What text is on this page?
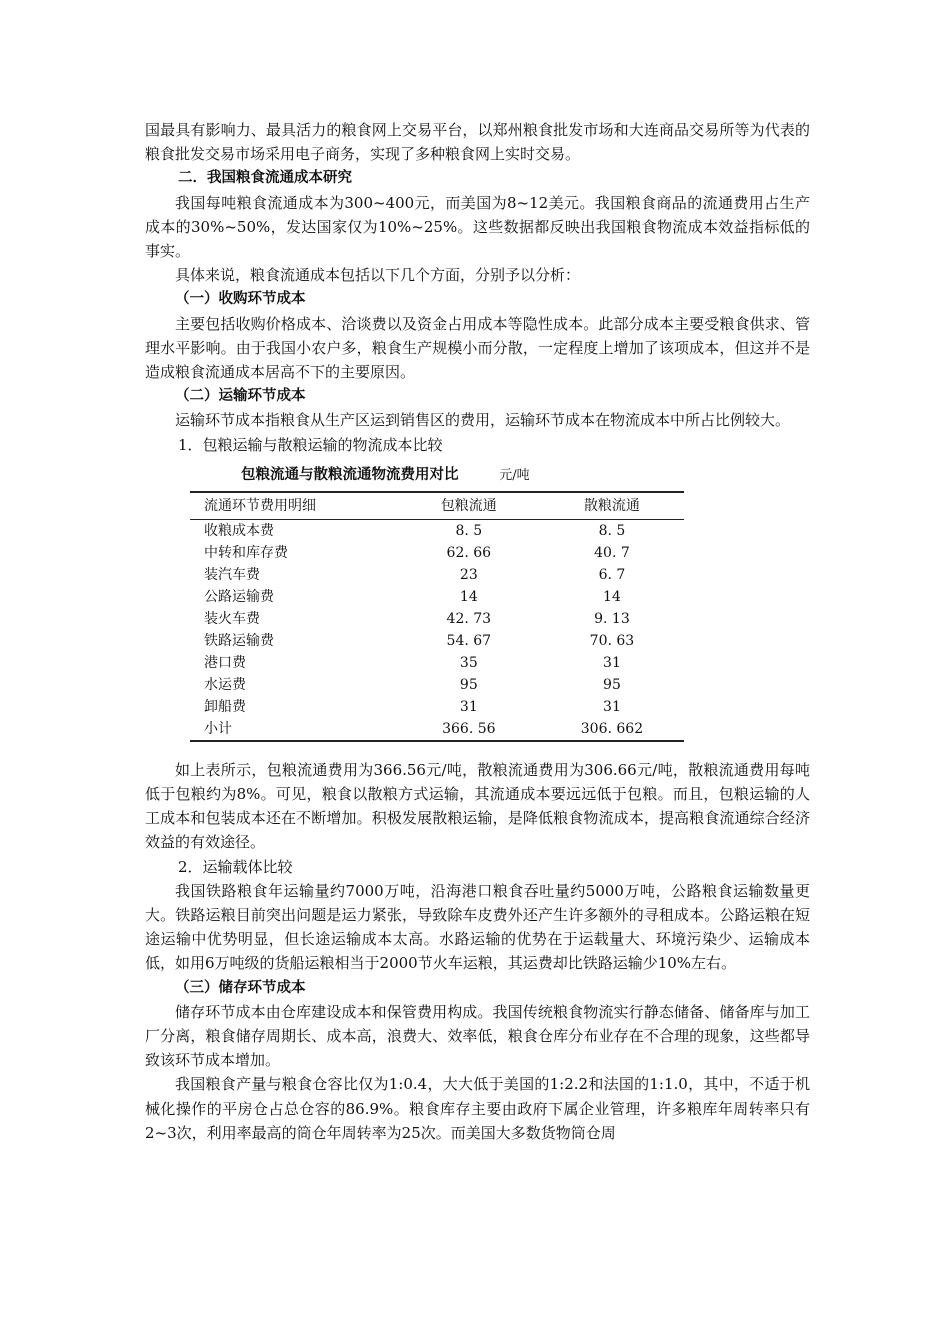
国最具有影响力、最具活力的粮食网上交易平台，以郑州粮食批发市场和大连商品交易所等为代表的粮食批发交易市场采用电子商务，实现了多种粮食网上实时交易。

二．我国粮食流通成本研究

我国每吨粮食流通成本为300~400元，而美国为8~12美元。我国粮食商品的流通费用占生产成本的30%~50%，发达国家仅为10%~25%。这些数据都反映出我国粮食物流成本效益指标低的事实。

具体来说，粮食流通成本包括以下几个方面，分别予以分析：

（一）收购环节成本

主要包括收购价格成本、洽谈费以及资金占用成本等隐性成本。此部分成本主要受粮食供求、管理水平影响。由于我国小农户多，粮食生产规模小而分散，一定程度上增加了该项成本，但这并不是造成粮食流通成本居高不下的主要原因。

（二）运输环节成本

运输环节成本指粮食从生产区运到销售区的费用，运输环节成本在物流成本中所占比例较大。

1．包粮运输与散粮运输的物流成本比较

包粮流通与散粮流通物流费用对比	元/吨
流通环节费用明细	包粮流通	散粮流通
收粮成本费	8. 5	8. 5
中转和库存费	62. 66	40. 7
装汽车费	23	6. 7
公路运输费	14	14
装火车费	42. 73	9. 13
铁路运输费	54. 67	70. 63
港口费	35	31
水运费	95	95
卸船费	31	31
小计	366. 56	306. 662

如上表所示，包粮流通费用为366.56元/吨，散粮流通费用为306.66元/吨，散粮流通费用每吨低于包粮约为8%。可见，粮食以散粮方式运输，其流通成本要远远低于包粮。而且，包粮运输的人工成本和包装成本还在不断增加。积极发展散粮运输，是降低粮食物流成本，提高粮食流通综合经济效益的有效途径。

2．运输载体比较

我国铁路粮食年运输量约7000万吨，沿海港口粮食吞吐量约5000万吨，公路粮食运输数量更大。铁路运粮目前突出问题是运力紧张，导致除车皮费外还产生许多额外的寻租成本。公路运粮在短途运输中优势明显，但长途运输成本太高。水路运输的优势在于运载量大、环境污染少、运输成本低，如用6万吨级的货船运粮相当于2000节火车运粮，其运费却比铁路运输少10%左右。

（三）储存环节成本

储存环节成本由仓库建设成本和保管费用构成。我国传统粮食物流实行静态储备、储备库与加工厂分离，粮食储存周期长、成本高，浪费大、效率低，粮食仓库分布业存在不合理的现象，这些都导致该环节成本增加。

我国粮食产量与粮食仓容比仅为1:0.4，大大低于美国的1:2.2和法国的1:1.0，其中，不适于机械化操作的平房仓占总仓容的86.9%。粮食库存主要由政府下属企业管理，许多粮库年周转率只有2~3次，利用率最高的筒仓年周转率为25次。而美国大多数货物筒仓周
